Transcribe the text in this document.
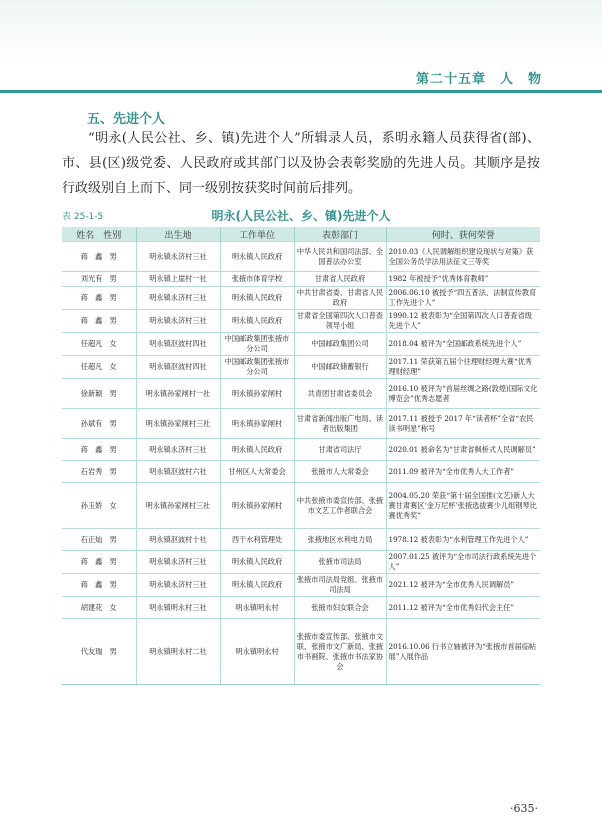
第二十五章　人　物
五、先进个人
“明永(人民公社、乡、镇)先进个人”所辑录人员，系明永籍人员获得省(部)、市、县(区)级党委、人民政府或其部门以及协会表彰奖励的先进人员。其顺序是按行政级别自上而下、同一级别按获奖时间前后排列。
表 25-1-5	明永(人民公社、乡、镇)先进个人
姓名　性别	出生地	工作单位	表彰部门	何时、获何荣誉
蒋　鑫　男	明永镇永济村三社	明永镇人民政府	中华人民共和国司法部、全国普法办公室	2010.03《人民调解组织建设现状与对策》获全国公务员学法用法征文三等奖
刘光有　男	明永镇上崖村一社	张掖市体育学校	甘肃省人民政府	1982 年被授予“优秀体育教师”
蒋　鑫　男	明永镇永济村三社	明永镇人民政府	中共甘肃省委、甘肃省人民政府	2006.06.10 被授予“四五普法、法制宣传教育工作先进个人”
蒋　鑫　男	明永镇永济村三社	明永镇人民政府	甘肃省全国第四次人口普查领导小组	1990.12 被表彰为“全国第四次人口普查省级先进个人”
任超凡　女	明永镇沤波村四社	中国邮政集团张掖市分公司	中国邮政集团公司	2018.04 被评为“全国邮政系统先进个人”
任超凡　女	明永镇沤波村四社	中国邮政集团张掖市分公司	中国邮政储蓄银行	2017.11 荣获第五届个往理财经理大赛“优秀理财经理”
徐新颖　男	明永镇孙家闸村一社	明永镇孙家闸村	共青团甘肃省委员会	2016.10 被评为“首届丝绸之路(敦煌)国际文化博览会”优秀志愿者
孙斌有　男	明永镇孙家闸村三社	明永镇孙家闸村	甘肃省新闻出版广电局、读者出版集团	2017.11 被授予 2017 年“读者杯”全省“农民读书明星”称号
蒋　鑫　男	明永镇永济村三社	明永镇人民政府	甘肃省司法厅	2020.01 被命名为“甘肃省枫桥式人民调解员”
石岩秀　男	明永镇沤波村六社	甘州区人大常委会	张掖市人大常委会	2011.09 被评为“全市优秀人大工作者”
孙玉娇　女	明永镇孙家闸村三社	明永镇孙家闸村	中共张掖市委宣传部、张掖市文艺工作者联合会	2004.05.20 荣获“第十届全国推(文艺)新人大赛甘肃赛区‘金万尼杯’张掖选拔赛少儿组钢琴比赛优秀奖”
石正灿　男	明永镇沤波村十社	西干水利管理处	张掖地区水利电力局	1978.12 被表彰为“水利管理工作先进个人”
蒋　鑫　男	明永镇永济村三社	明永镇人民政府	张掖市司法局	2007.01.25 被评为“全市司法行政系统先进个人”
蒋　鑫　男	明永镇永济村三社	明永镇人民政府	张掖市司法局党组、张掖市司法局	2021.12 被评为“全市优秀人民调解员”
胡建花　女	明永镇明永村三社	明永镇明永村	张掖市妇女联合会	2011.12 被评为“全市优秀妇代会主任”
代友瑞　男	明永镇明永村二社	明永镇明永村	张掖市委宣传部、张掖市文联、张掖市文广新局、张掖市书画院、张掖市书法家协会	2016.10.06 行书立轴被评为“张掖市首届临帖展”入展作品
·635·
